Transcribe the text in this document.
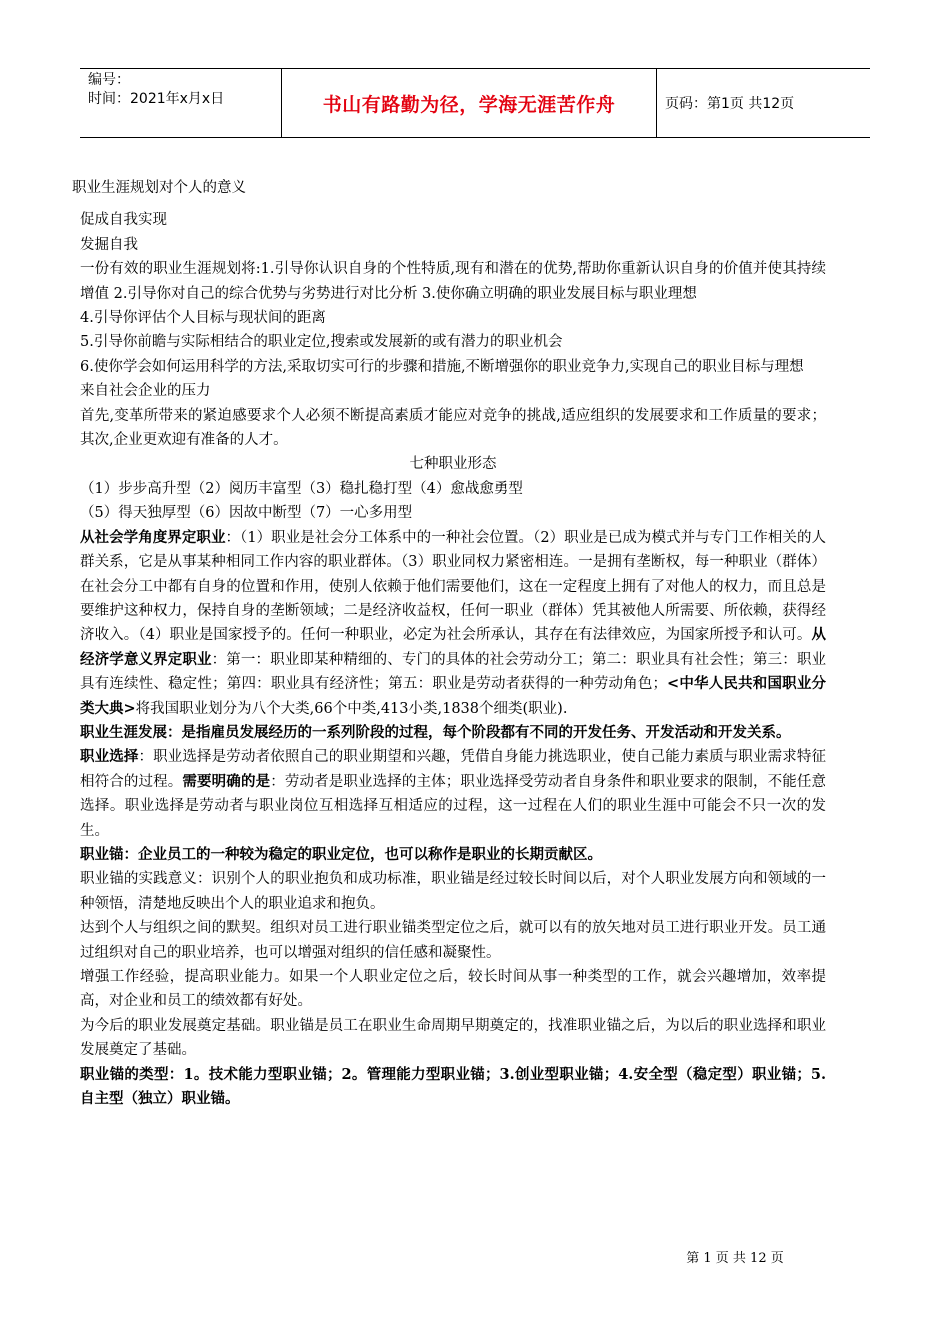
编号：
时间：2021年x月x日	书山有路勤为径，学海无涯苦作舟	页码：第1页 共12页

职业生涯规划对个人的意义

促成自我实现

发掘自我

一份有效的职业生涯规划将:1.引导你认识自身的个性特质,现有和潜在的优势,帮助你重新认识自身的价值并使其持续增值 2.引导你对自己的综合优势与劣势进行对比分析 3.使你确立明确的职业发展目标与职业理想

4.引导你评估个人目标与现状间的距离

5.引导你前瞻与实际相结合的职业定位,搜索或发展新的或有潜力的职业机会

6.使你学会如何运用科学的方法,采取切实可行的步骤和措施,不断增强你的职业竞争力,实现自己的职业目标与理想

来自社会企业的压力

首先,变革所带来的紧迫感要求个人必须不断提高素质才能应对竞争的挑战,适应组织的发展要求和工作质量的要求；其次,企业更欢迎有准备的人才。

七种职业形态

（1）步步高升型（2）阅历丰富型（3）稳扎稳打型（4）愈战愈勇型

（5）得天独厚型（6）因故中断型（7）一心多用型

从社会学角度界定职业：（1）职业是社会分工体系中的一种社会位置。（2）职业是已成为模式并与专门工作相关的人群关系，它是从事某种相同工作内容的职业群体。（3）职业同权力紧密相连。一是拥有垄断权，每一种职业（群体）在社会分工中都有自身的位置和作用，使别人依赖于他们需要他们，这在一定程度上拥有了对他人的权力，而且总是要维护这种权力，保持自身的垄断领域；二是经济收益权，任何一职业（群体）凭其被他人所需要、所依赖，获得经济收入。（4）职业是国家授予的。任何一种职业，必定为社会所承认，其存在有法律效应，为国家所授予和认可。从经济学意义界定职业：第一：职业即某种精细的、专门的具体的社会劳动分工；第二：职业具有社会性；第三：职业具有连续性、稳定性；第四：职业具有经济性；第五：职业是劳动者获得的一种劳动角色；<中华人民共和国职业分类大典>将我国职业划分为八个大类,66个中类,413小类,1838个细类(职业).

职业生涯发展：是指雇员发展经历的一系列阶段的过程，每个阶段都有不同的开发任务、开发活动和开发关系。

职业选择：职业选择是劳动者依照自己的职业期望和兴趣，凭借自身能力挑选职业，使自己能力素质与职业需求特征相符合的过程。需要明确的是：劳动者是职业选择的主体；职业选择受劳动者自身条件和职业要求的限制，不能任意选择。职业选择是劳动者与职业岗位互相选择互相适应的过程，这一过程在人们的职业生涯中可能会不只一次的发生。

职业锚：企业员工的一种较为稳定的职业定位，也可以称作是职业的长期贡献区。

职业锚的实践意义：识别个人的职业抱负和成功标准，职业锚是经过较长时间以后，对个人职业发展方向和领域的一种领悟，清楚地反映出个人的职业追求和抱负。

达到个人与组织之间的默契。组织对员工进行职业锚类型定位之后，就可以有的放矢地对员工进行职业开发。员工通过组织对自己的职业培养，也可以增强对组织的信任感和凝聚性。

增强工作经验，提高职业能力。如果一个人职业定位之后，较长时间从事一种类型的工作，就会兴趣增加，效率提高，对企业和员工的绩效都有好处。

为今后的职业发展奠定基础。职业锚是员工在职业生命周期早期奠定的，找准职业锚之后，为以后的职业选择和职业发展奠定了基础。

职业锚的类型：1。技术能力型职业锚；2。管理能力型职业锚；3.创业型职业锚；4.安全型（稳定型）职业锚；5.自主型（独立）职业锚。

第 1 页 共 12 页
